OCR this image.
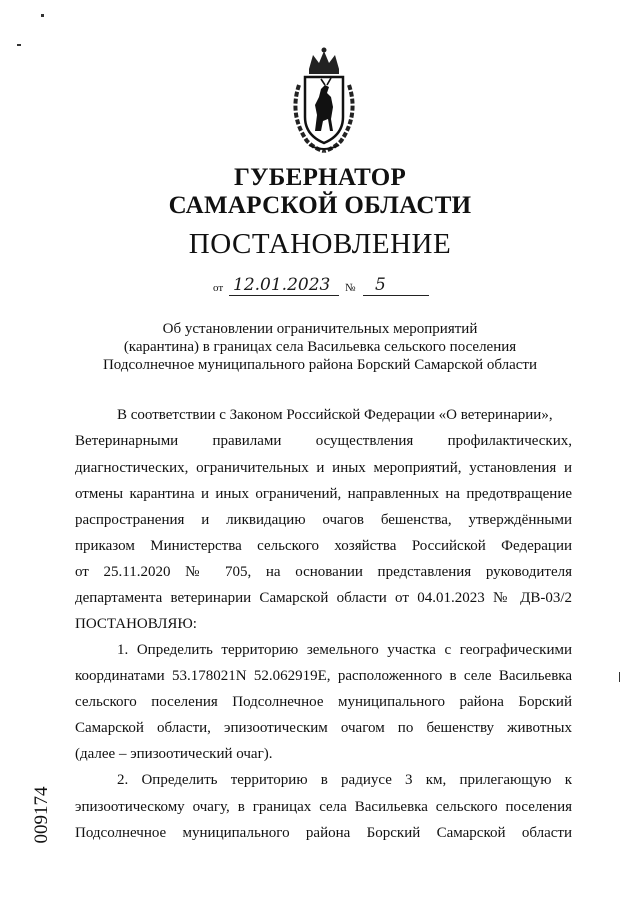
ГУБЕРНАТОР
САМАРСКОЙ ОБЛАСТИ
ПОСТАНОВЛЕНИЕ
от 12.01.2023 № 5
Об установлении ограничительных мероприятий
(карантина) в границах села Васильевка сельского поселения
Подсолнечное муниципального района Борский Самарской области
В соответствии с Законом Российской Федерации «О ветеринарии»,
Ветеринарными правилами осуществления профилактических,
диагностических, ограничительных и иных мероприятий, установления и
отмены карантина и иных ограничений, направленных на предотвращение
распространения и ликвидацию очагов бешенства, утверждёнными
приказом Министерства сельского хозяйства Российской Федерации
от 25.11.2020 № 705, на основании представления руководителя
департамента ветеринарии Самарской области от 04.01.2023 № ДВ-03/2
ПОСТАНОВЛЯЮ:
1. Определить территорию земельного участка с географическими
координатами 53.178021N 52.062919E, расположенного в селе Васильевка
сельского поселения Подсолнечное муниципального района Борский
Самарской области, эпизоотическим очагом по бешенству животных
(далее – эпизоотический очаг).
2. Определить территорию в радиусе 3 км, прилегающую к
эпизоотическому очагу, в границах села Васильевка сельского поселения
Подсолнечное муниципального района Борский Самарской области
009174
